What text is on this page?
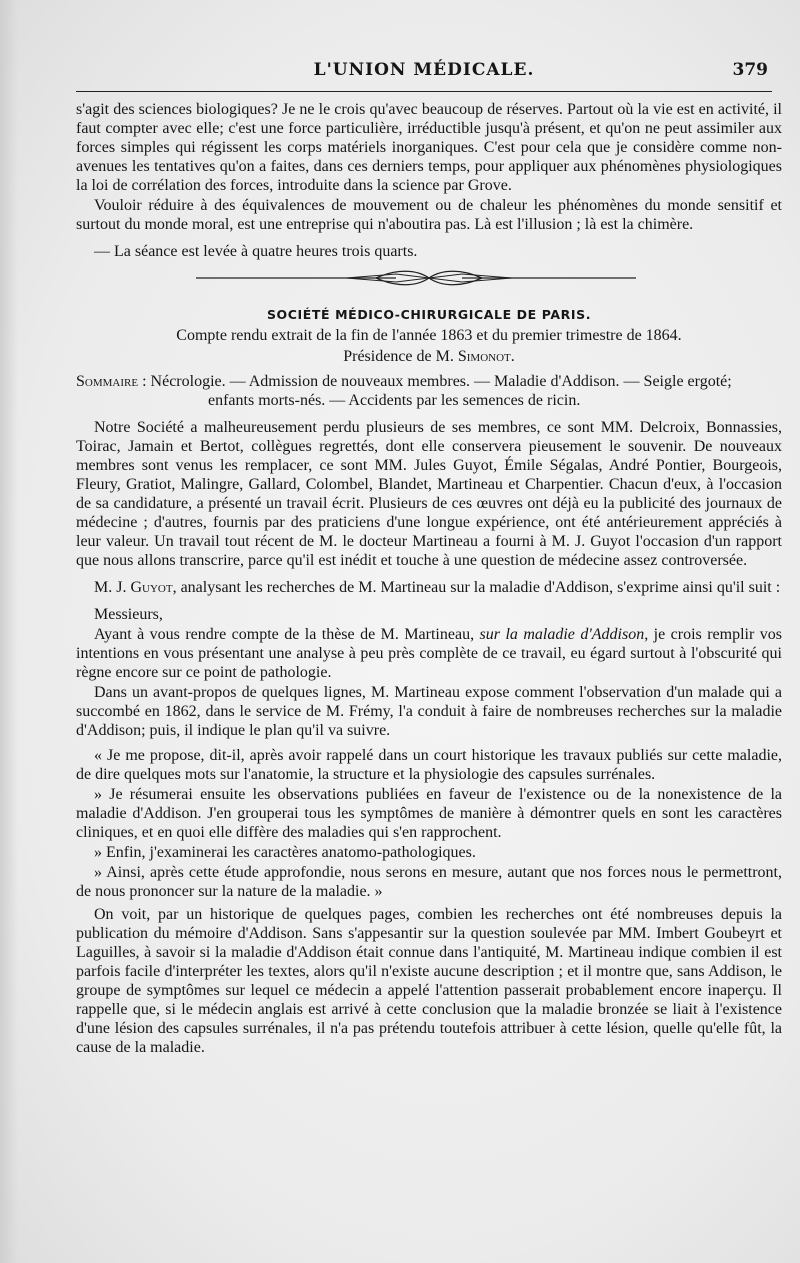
L'UNION MÉDICALE.	379

s'agit des sciences biologiques? Je ne le crois qu'avec beaucoup de réserves. Partout où la vie est en activité, il faut compter avec elle; c'est une force particulière, irréductible jusqu'à présent, et qu'on ne peut assimiler aux forces simples qui régissent les corps matériels inorganiques. C'est pour cela que je considère comme non-avenues les tentatives qu'on a faites, dans ces derniers temps, pour appliquer aux phénomènes physiologiques la loi de corrélation des forces, introduite dans la science par Grove.

Vouloir réduire à des équivalences de mouvement ou de chaleur les phénomènes du monde sensitif et surtout du monde moral, est une entreprise qui n'aboutira pas. Là est l'illusion ; là est la chimère.

— La séance est levée à quatre heures trois quarts.

SOCIÉTÉ MÉDICO-CHIRURGICALE DE PARIS.

Compte rendu extrait de la fin de l'année 1863 et du premier trimestre de 1864.

Présidence de M. Simonot.

Sommaire : Nécrologie. — Admission de nouveaux membres. — Maladie d'Addison. — Seigle ergoté;
enfants morts-nés. — Accidents par les semences de ricin.

Notre Société a malheureusement perdu plusieurs de ses membres, ce sont MM. Delcroix, Bonnassies, Toirac, Jamain et Bertot, collègues regrettés, dont elle conservera pieusement le souvenir. De nouveaux membres sont venus les remplacer, ce sont MM. Jules Guyot, Émile Ségalas, André Pontier, Bourgeois, Fleury, Gratiot, Malingre, Gallard, Colombel, Blandet, Martineau et Charpentier. Chacun d'eux, à l'occasion de sa candidature, a présenté un travail écrit. Plusieurs de ces œuvres ont déjà eu la publicité des journaux de médecine ; d'autres, fournis par des praticiens d'une longue expérience, ont été antérieurement appréciés à leur valeur. Un travail tout récent de M. le docteur Martineau a fourni à M. J. Guyot l'occasion d'un rapport que nous allons transcrire, parce qu'il est inédit et touche à une question de médecine assez controversée.

M. J. Guyot, analysant les recherches de M. Martineau sur la maladie d'Addison, s'exprime ainsi qu'il suit :

Messieurs,

Ayant à vous rendre compte de la thèse de M. Martineau, sur la maladie d'Addison, je crois remplir vos intentions en vous présentant une analyse à peu près complète de ce travail, eu égard surtout à l'obscurité qui règne encore sur ce point de pathologie.

Dans un avant-propos de quelques lignes, M. Martineau expose comment l'observation d'un malade qui a succombé en 1862, dans le service de M. Frémy, l'a conduit à faire de nombreuses recherches sur la maladie d'Addison; puis, il indique le plan qu'il va suivre.

« Je me propose, dit-il, après avoir rappelé dans un court historique les travaux publiés sur cette maladie, de dire quelques mots sur l'anatomie, la structure et la physiologie des capsules surrénales.

» Je résumerai ensuite les observations publiées en faveur de l'existence ou de la nonexistence de la maladie d'Addison. J'en grouperai tous les symptômes de manière à démontrer quels en sont les caractères cliniques, et en quoi elle diffère des maladies qui s'en rapprochent.

» Enfin, j'examinerai les caractères anatomo-pathologiques.

» Ainsi, après cette étude approfondie, nous serons en mesure, autant que nos forces nous le permettront, de nous prononcer sur la nature de la maladie. »

On voit, par un historique de quelques pages, combien les recherches ont été nombreuses depuis la publication du mémoire d'Addison. Sans s'appesantir sur la question soulevée par MM. Imbert Goubeyrt et Laguilles, à savoir si la maladie d'Addison était connue dans l'antiquité, M. Martineau indique combien il est parfois facile d'interpréter les textes, alors qu'il n'existe aucune description ; et il montre que, sans Addison, le groupe de symptômes sur lequel ce médecin a appelé l'attention passerait probablement encore inaperçu. Il rappelle que, si le médecin anglais est arrivé à cette conclusion que la maladie bronzée se liait à l'existence d'une lésion des capsules surrénales, il n'a pas prétendu toutefois attribuer à cette lésion, quelle qu'elle fût, la cause de la maladie.
